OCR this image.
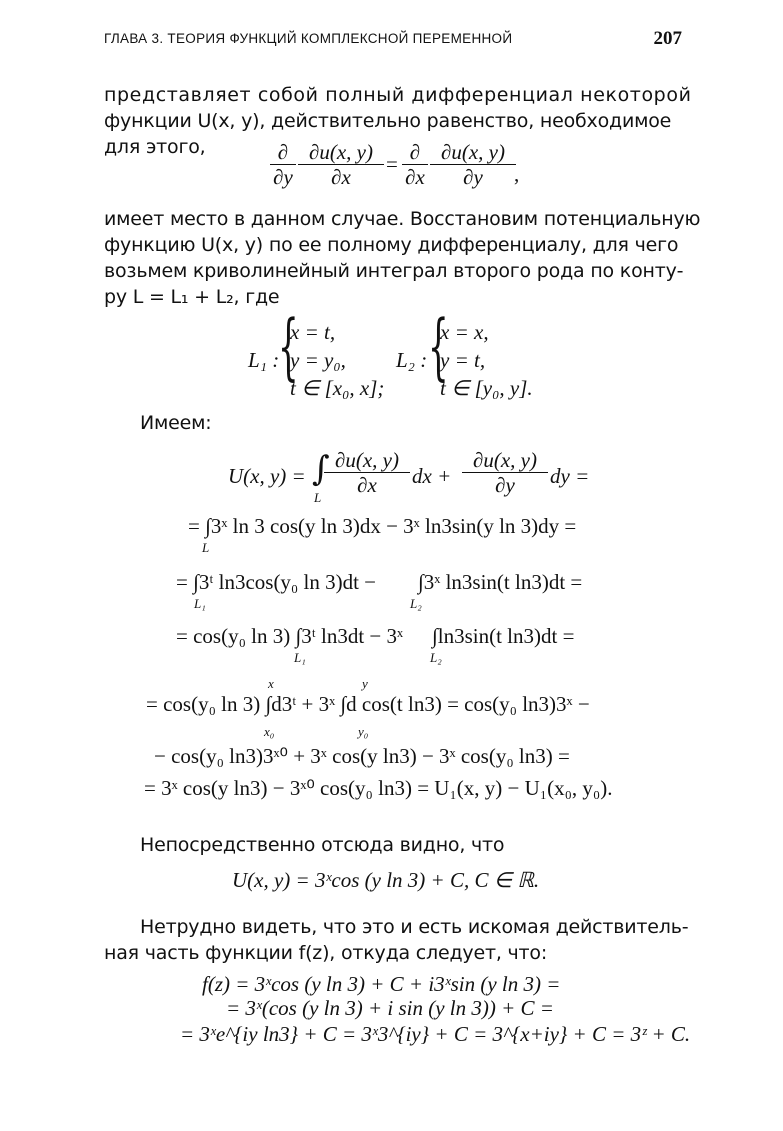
ГЛАВА 3. ТЕОРИЯ ФУНКЦИЙ КОМПЛЕКСНОЙ ПЕРЕМЕННОЙ	207
представляет собой полный дифференциал некоторой
функции U(x, y), действительно равенство, необходимое
для этого,	∂
$\partial y \frac{\partial u(x, y)}{\partial x}$ = ∂
$\partial x \frac{\partial u(x, y)}{\partial y}$
,
имеет место в данном случае. Восстановим потенциальную
функцию U(x, y) по ее полному дифференциалу, для чего
возьмем криволинейный интеграл второго рода по конту-
ру L = L₁ + L₂, где
L₁ :
{
x = t,
y = y₀,
t ∈ [x₀, x];
L₂ : {
x = x,
y = t,
t ∈ [y₀, y].
Имеем:
U(x, y) = ∫
L
$\frac{\partial u(x, y)}{\partial x}$ dx + $\frac{\partial u(x, y)}{\partial y}$ dy =
= ∫3ˣ ln 3 cos(y ln 3)dx − 3ˣ ln3sin(y ln 3)dy =
L
= ∫3ᵗ ln3cos(y₀ ln 3)dt − ∫3ˣ ln3sin(t ln3)dt =
L₁	L₂
= cos(y₀ ln 3) ∫3ᵗ ln3dt − 3ˣ ∫ln3sin(t ln3)dt =
L₁	L₂
x	y
= cos(y₀ ln 3) ∫d3ᵗ + 3ˣ ∫d cos(t ln3) = cos(y₀ ln3)3ˣ −
x₀	y₀
− cos(y₀ ln3)3ˣ⁰ + 3ˣ cos(y ln3) − 3ˣ cos(y₀ ln3) =
= 3ˣ cos(y ln3) − 3ˣ⁰ cos(y₀ ln3) = U₁(x, y) − U₁(x₀, y₀).
Непосредственно отсюда видно, что
U(x, y) = 3ˣcos (y ln 3) + C, C ∈ ℝ.
Нетрудно видеть, что это и есть искомая действитель-
ная часть функции f(z), откуда следует, что:
f(z) = 3ˣcos (y ln 3) + C + i3ˣsin (y ln 3) =
= 3ˣ(cos (y ln 3) + i sin (y ln 3)) + C =
= 3ˣe^{iy ln3} + C = 3ˣ3^{iy} + C = 3^{x+iy} + C = 3ᶻ + C.
